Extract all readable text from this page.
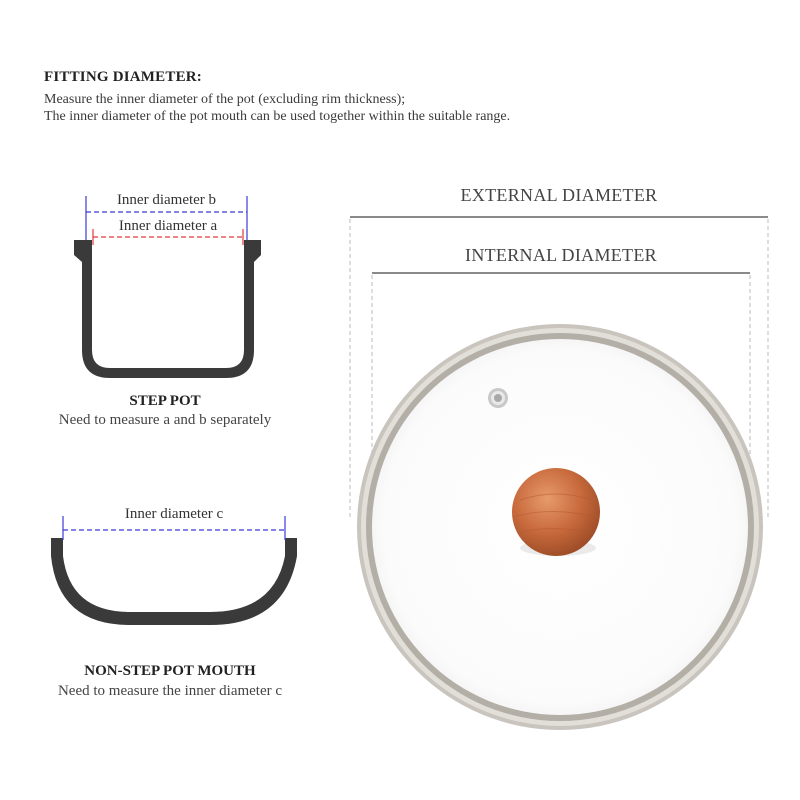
FITTING DIAMETER:
Measure the inner diameter of the pot (excluding rim thickness);
The inner diameter of the pot mouth can be used together within the suitable range.
Inner diameter b
Inner diameter a
STEP POT
Need to measure a and b separately
Inner diameter c
NON-STEP POT MOUTH
Need to measure the inner diameter c
EXTERNAL DIAMETER
INTERNAL DIAMETER
